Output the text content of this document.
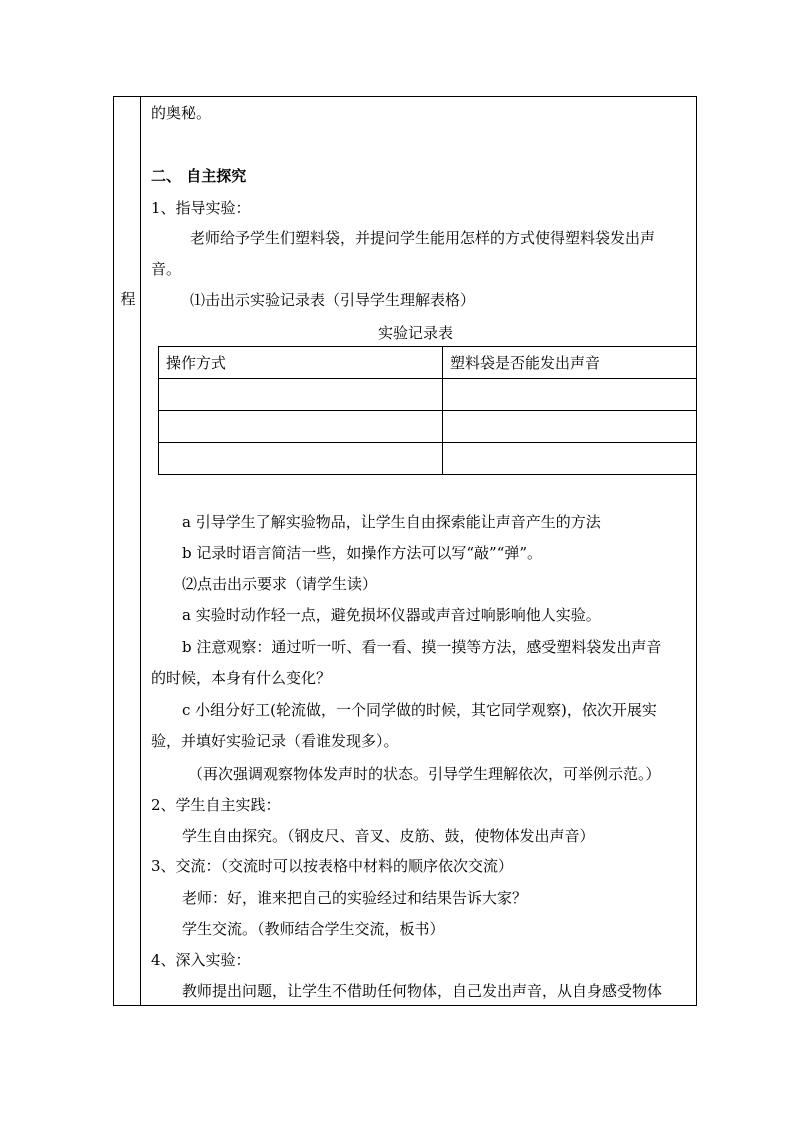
程
的奥秘。
二、 自主探究
1、指导实验：
老师给予学生们塑料袋，并提问学生能用怎样的方式使得塑料袋发出声
音。
⑴击出示实验记录表（引导学生理解表格）
实验记录表
操作方式	塑料袋是否能发出声音

a 引导学生了解实验物品，让学生自由探索能让声音产生的方法
b 记录时语言简洁一些，如操作方法可以写“敲”“弹”。
⑵点击出示要求（请学生读）
a 实验时动作轻一点，避免损坏仪器或声音过响影响他人实验。
b 注意观察：通过听一听、看一看、摸一摸等方法，感受塑料袋发出声音
的时候，本身有什么变化？
c 小组分好工(轮流做，一个同学做的时候，其它同学观察)，依次开展实
验，并填好实验记录（看谁发现多）。
（再次强调观察物体发声时的状态。引导学生理解依次，可举例示范。）
2、学生自主实践：
学生自由探究。（钢皮尺、音叉、皮筋、鼓，使物体发出声音）
3、交流：（交流时可以按表格中材料的顺序依次交流）
老师：好，谁来把自己的实验经过和结果告诉大家？
学生交流。（教师结合学生交流，板书）
4、深入实验：
教师提出问题，让学生不借助任何物体，自己发出声音，从自身感受物体
